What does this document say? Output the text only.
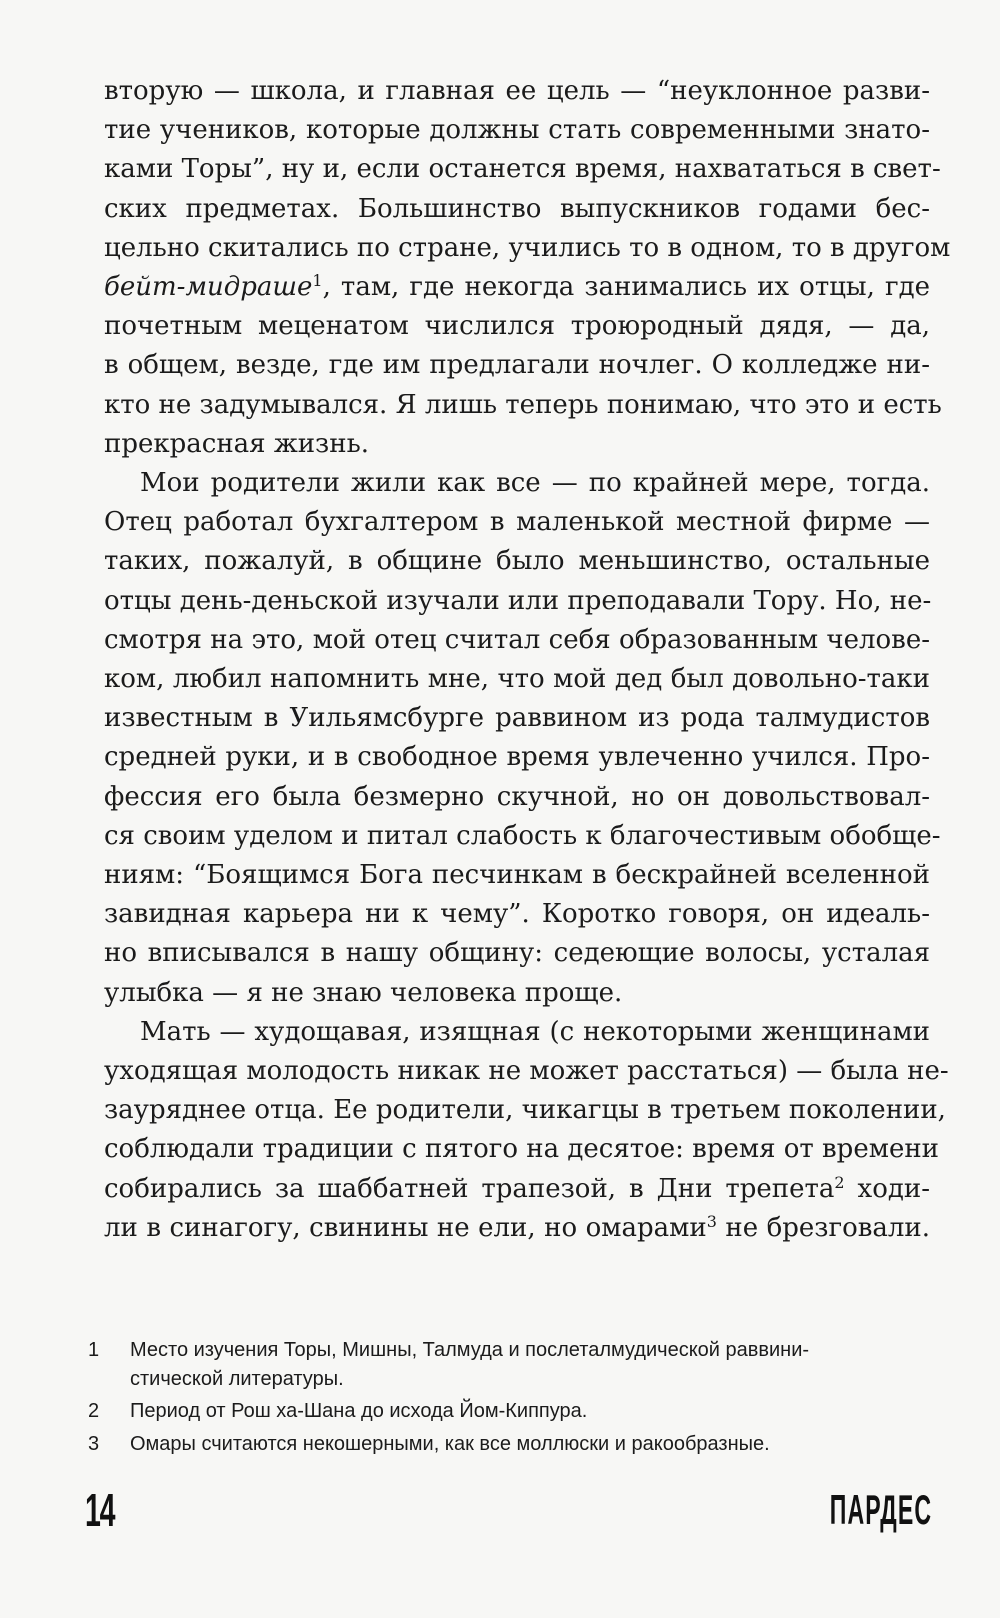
вторую — школа, и главная ее цель — “неуклонное разви-
тие учеников, которые должны стать современными знато-
ками Торы”, ну и, если останется время, нахвататься в свет-
ских предметах. Большинство выпускников годами бес-
цельно скитались по стране, учились то в одном, то в другом
бейт-мидраше$^1$, там, где некогда занимались их отцы, где
почетным меценатом числился троюродный дядя, — да,
в общем, везде, где им предлагали ночлег. О колледже ни-
кто не задумывался. Я лишь теперь понимаю, что это и есть
прекрасная жизнь.

Мои родители жили как все — по крайней мере, тогда.
Отец работал бухгалтером в маленькой местной фирме —
таких, пожалуй, в общине было меньшинство, остальные
отцы день-деньской изучали или преподавали Тору. Но, не-
смотря на это, мой отец считал себя образованным челове-
ком, любил напомнить мне, что мой дед был довольно-таки
известным в Уильямсбурге раввином из рода талмудистов
средней руки, и в свободное время увлеченно учился. Про-
фессия его была безмерно скучной, но он довольствовал-
ся своим уделом и питал слабость к благочестивым обобще-
ниям: “Боящимся Бога песчинкам в бескрайней вселенной
завидная карьера ни к чему”. Коротко говоря, он идеаль-
но вписывался в нашу общину: седеющие волосы, усталая
улыбка — я не знаю человека проще.

Мать — худощавая, изящная (с некоторыми женщинами
уходящая молодость никак не может расстаться) — была не-
зауряднее отца. Ее родители, чикагцы в третьем поколении,
соблюдали традиции с пятого на десятое: время от времени
собирались за шаббатней трапезой, в Дни трепета$^2$ ходи-
ли в синагогу, свинины не ели, но омарами$^3$ не брезговали.

1 Место изучения Торы, Мишны, Талмуда и послеталмудической раввини-
стической литературы.
2 Период от Рош ха-Шана до исхода Йом-Киппура.
3 Омары считаются некошерными, как все моллюски и ракообразные.
14	ПАРДЕС
